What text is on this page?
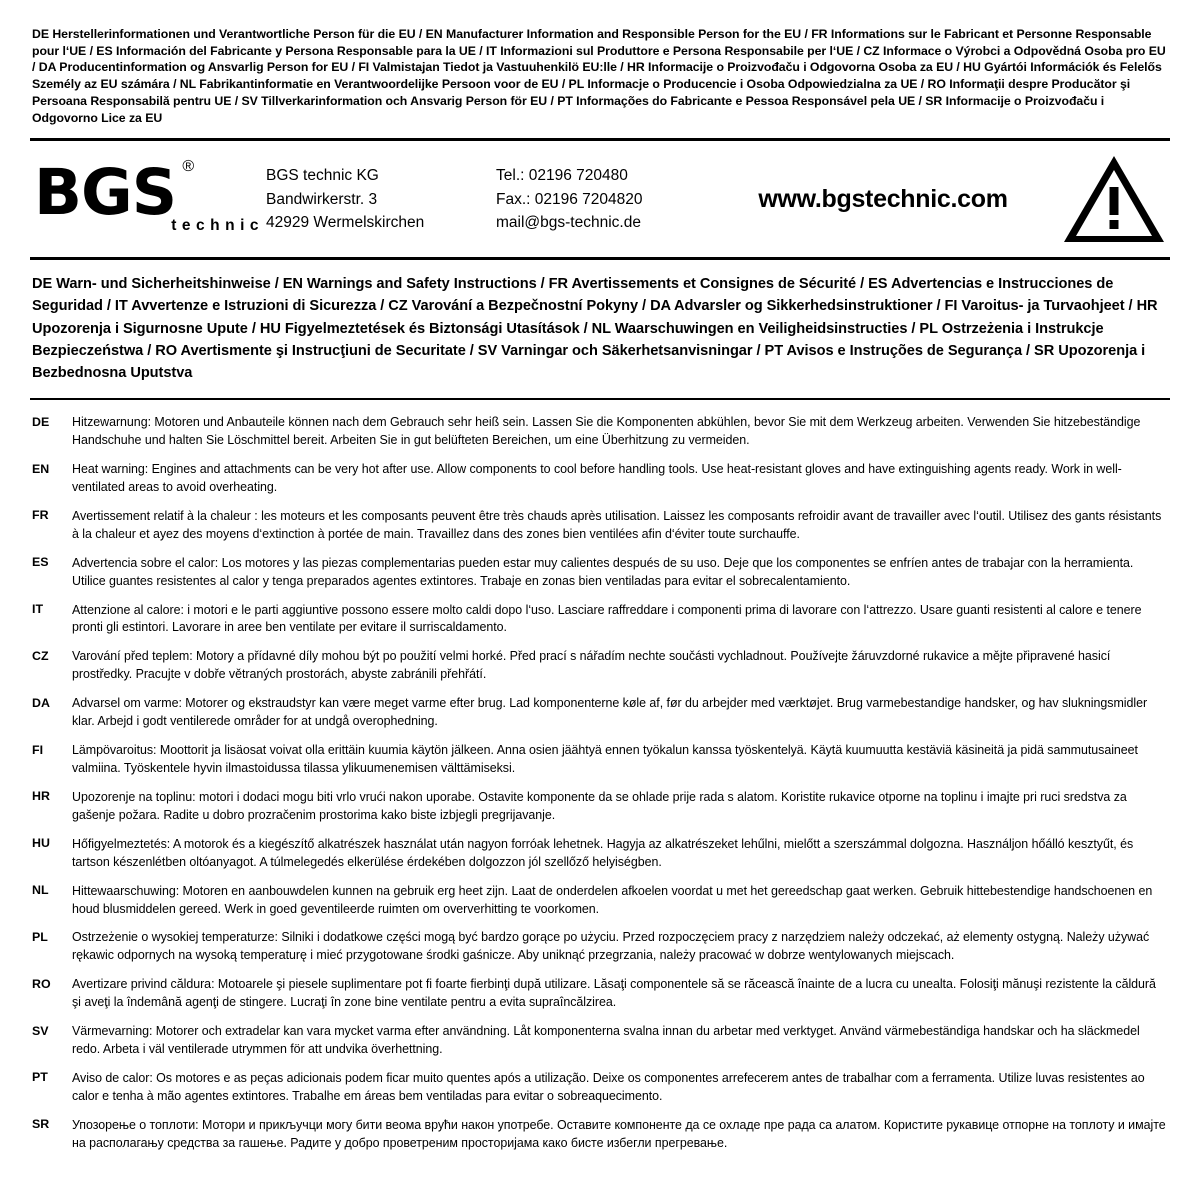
DE Herstellerinformationen und Verantwortliche Person für die EU / EN Manufacturer Information and Responsible Person for the EU / FR Informations sur le Fabricant et Personne Responsable pour l‘UE / ES Información del Fabricante y Persona Responsable para la UE / IT Informazioni sul Produttore e Persona Responsabile per l‘UE / CZ Informace o Výrobci a Odpovědná Osoba pro EU / DA Producentinformation og Ansvarlig Person for EU / FI Valmistajan Tiedot ja Vastuuhenkilö EU:lle / HR Informacije o Proizvođaču i Odgovorna Osoba za EU / HU Gyártói Információk és Felelős Személy az EU számára / NL Fabrikantinformatie en Verantwoordelijke Persoon voor de EU / PL Informacje o Producencie i Osoba Odpowiedzialna za UE / RO Informaţii despre Producător şi Persoana Responsabilă pentru UE / SV Tillverkarinformation och Ansvarig Person för EU / PT Informações do Fabricante e Pessoa Responsável pela UE / SR Informacije o Proizvođaču i Odgovorno Lice za EU
BGS ®
technic
BGS technic KG
Bandwirkerstr. 3
42929 Wermelskirchen
Tel.: 02196 720480
Fax.: 02196 7204820
mail@bgs-technic.de
www.bgstechnic.com
DE Warn- und Sicherheitshinweise / EN Warnings and Safety Instructions / FR Avertissements et Consignes de Sécurité / ES Advertencias e Instrucciones de Seguridad / IT Avvertenze e Istruzioni di Sicurezza / CZ Varování a Bezpečnostní Pokyny / DA Advarsler og Sikkerhedsinstruktioner / FI Varoitus- ja Turvaohjeet / HR Upozorenja i Sigurnosne Upute / HU Figyelmeztetések és Biztonsági Utasítások / NL Waarschuwingen en Veiligheidsinstructies / PL Ostrzeżenia i Instrukcje Bezpieczeństwa / RO Avertismente şi Instrucţiuni de Securitate / SV Varningar och Säkerhetsanvisningar / PT Avisos e Instruções de Segurança / SR Upozorenja i Bezbednosna Uputstva
DE	Hitzewarnung: Motoren und Anbauteile können nach dem Gebrauch sehr heiß sein. Lassen Sie die Komponenten abkühlen, bevor Sie mit dem Werkzeug arbeiten. Verwenden Sie hitzebeständige Handschuhe und halten Sie Löschmittel bereit. Arbeiten Sie in gut belüfteten Bereichen, um eine Überhitzung zu vermeiden.
EN	Heat warning: Engines and attachments can be very hot after use. Allow components to cool before handling tools. Use heat-resistant gloves and have extinguishing agents ready. Work in well-ventilated areas to avoid overheating.
FR	Avertissement relatif à la chaleur : les moteurs et les composants peuvent être très chauds après utilisation. Laissez les composants refroidir avant de travailler avec l‘outil. Utilisez des gants résistants à la chaleur et ayez des moyens d‘extinction à portée de main. Travaillez dans des zones bien ventilées afin d‘éviter toute surchauffe.
ES	Advertencia sobre el calor: Los motores y las piezas complementarias pueden estar muy calientes después de su uso. Deje que los componentes se enfríen antes de trabajar con la herramienta. Utilice guantes resistentes al calor y tenga preparados agentes extintores. Trabaje en zonas bien ventiladas para evitar el sobrecalentamiento.
IT	Attenzione al calore: i motori e le parti aggiuntive possono essere molto caldi dopo l‘uso. Lasciare raffreddare i componenti prima di lavorare con l‘attrezzo. Usare guanti resistenti al calore e tenere pronti gli estintori. Lavorare in aree ben ventilate per evitare il surriscaldamento.
CZ	Varování před teplem: Motory a přídavné díly mohou být po použití velmi horké. Před prací s nářadím nechte součásti vychladnout. Používejte žáruvzdorné rukavice a mějte připravené hasicí prostředky. Pracujte v dobře větraných prostorách, abyste zabránili přehřátí.
DA	Advarsel om varme: Motorer og ekstraudstyr kan være meget varme efter brug. Lad komponenterne køle af, før du arbejder med værktøjet. Brug varmebestandige handsker, og hav slukningsmidler klar. Arbejd i godt ventilerede områder for at undgå overophedning.
FI	Lämpövaroitus: Moottorit ja lisäosat voivat olla erittäin kuumia käytön jälkeen. Anna osien jäähtyä ennen työkalun kanssa työskentelyä. Käytä kuumuutta kestäviä käsineitä ja pidä sammutusaineet valmiina. Työskentele hyvin ilmastoidussa tilassa ylikuumenemisen välttämiseksi.
HR	Upozorenje na toplinu: motori i dodaci mogu biti vrlo vrući nakon uporabe. Ostavite komponente da se ohlade prije rada s alatom. Koristite rukavice otporne na toplinu i imajte pri ruci sredstva za gašenje požara. Radite u dobro prozračenim prostorima kako biste izbjegli pregrijavanje.
HU	Hőfigyelmeztetés: A motorok és a kiegészítő alkatrészek használat után nagyon forróak lehetnek. Hagyja az alkatrészeket lehűlni, mielőtt a szerszámmal dolgozna. Használjon hőálló kesztyűt, és tartson készenlétben oltóanyagot. A túlmelegedés elkerülése érdekében dolgozzon jól szellőző helyiségben.
NL	Hittewaarschuwing: Motoren en aanbouwdelen kunnen na gebruik erg heet zijn. Laat de onderdelen afkoelen voordat u met het gereedschap gaat werken. Gebruik hittebestendige handschoenen en houd blusmiddelen gereed. Werk in goed geventileerde ruimten om oververhitting te voorkomen.
PL	Ostrzeżenie o wysokiej temperaturze: Silniki i dodatkowe części mogą być bardzo gorące po użyciu. Przed rozpoczęciem pracy z narzędziem należy odczekać, aż elementy ostygną. Należy używać rękawic odpornych na wysoką temperaturę i mieć przygotowane środki gaśnicze. Aby uniknąć przegrzania, należy pracować w dobrze wentylowanych miejscach.
RO	Avertizare privind căldura: Motoarele şi piesele suplimentare pot fi foarte fierbinţi după utilizare. Lăsaţi componentele să se răcească înainte de a lucra cu unealta. Folosiţi mănuşi rezistente la căldură şi aveţi la îndemână agenţi de stingere. Lucraţi în zone bine ventilate pentru a evita supraîncălzirea.
SV	Värmevarning: Motorer och extradelar kan vara mycket varma efter användning. Låt komponenterna svalna innan du arbetar med verktyget. Använd värmebeständiga handskar och ha släckmedel redo. Arbeta i väl ventilerade utrymmen för att undvika överhettning.
PT	Aviso de calor: Os motores e as peças adicionais podem ficar muito quentes após a utilização. Deixe os componentes arrefecerem antes de trabalhar com a ferramenta. Utilize luvas resistentes ao calor e tenha à mão agentes extintores. Trabalhe em áreas bem ventiladas para evitar o sobreaquecimento.
SR	Упозорење о топлоти: Мотори и прикључци могу бити веома врући након употребе. Оставите компоненте да се охладе пре рада са алатом. Користите рукавице отпорне на топлоту и имајте на располагању средства за гашење. Радите у добро проветреним просторијама како бисте избегли прегревање.
